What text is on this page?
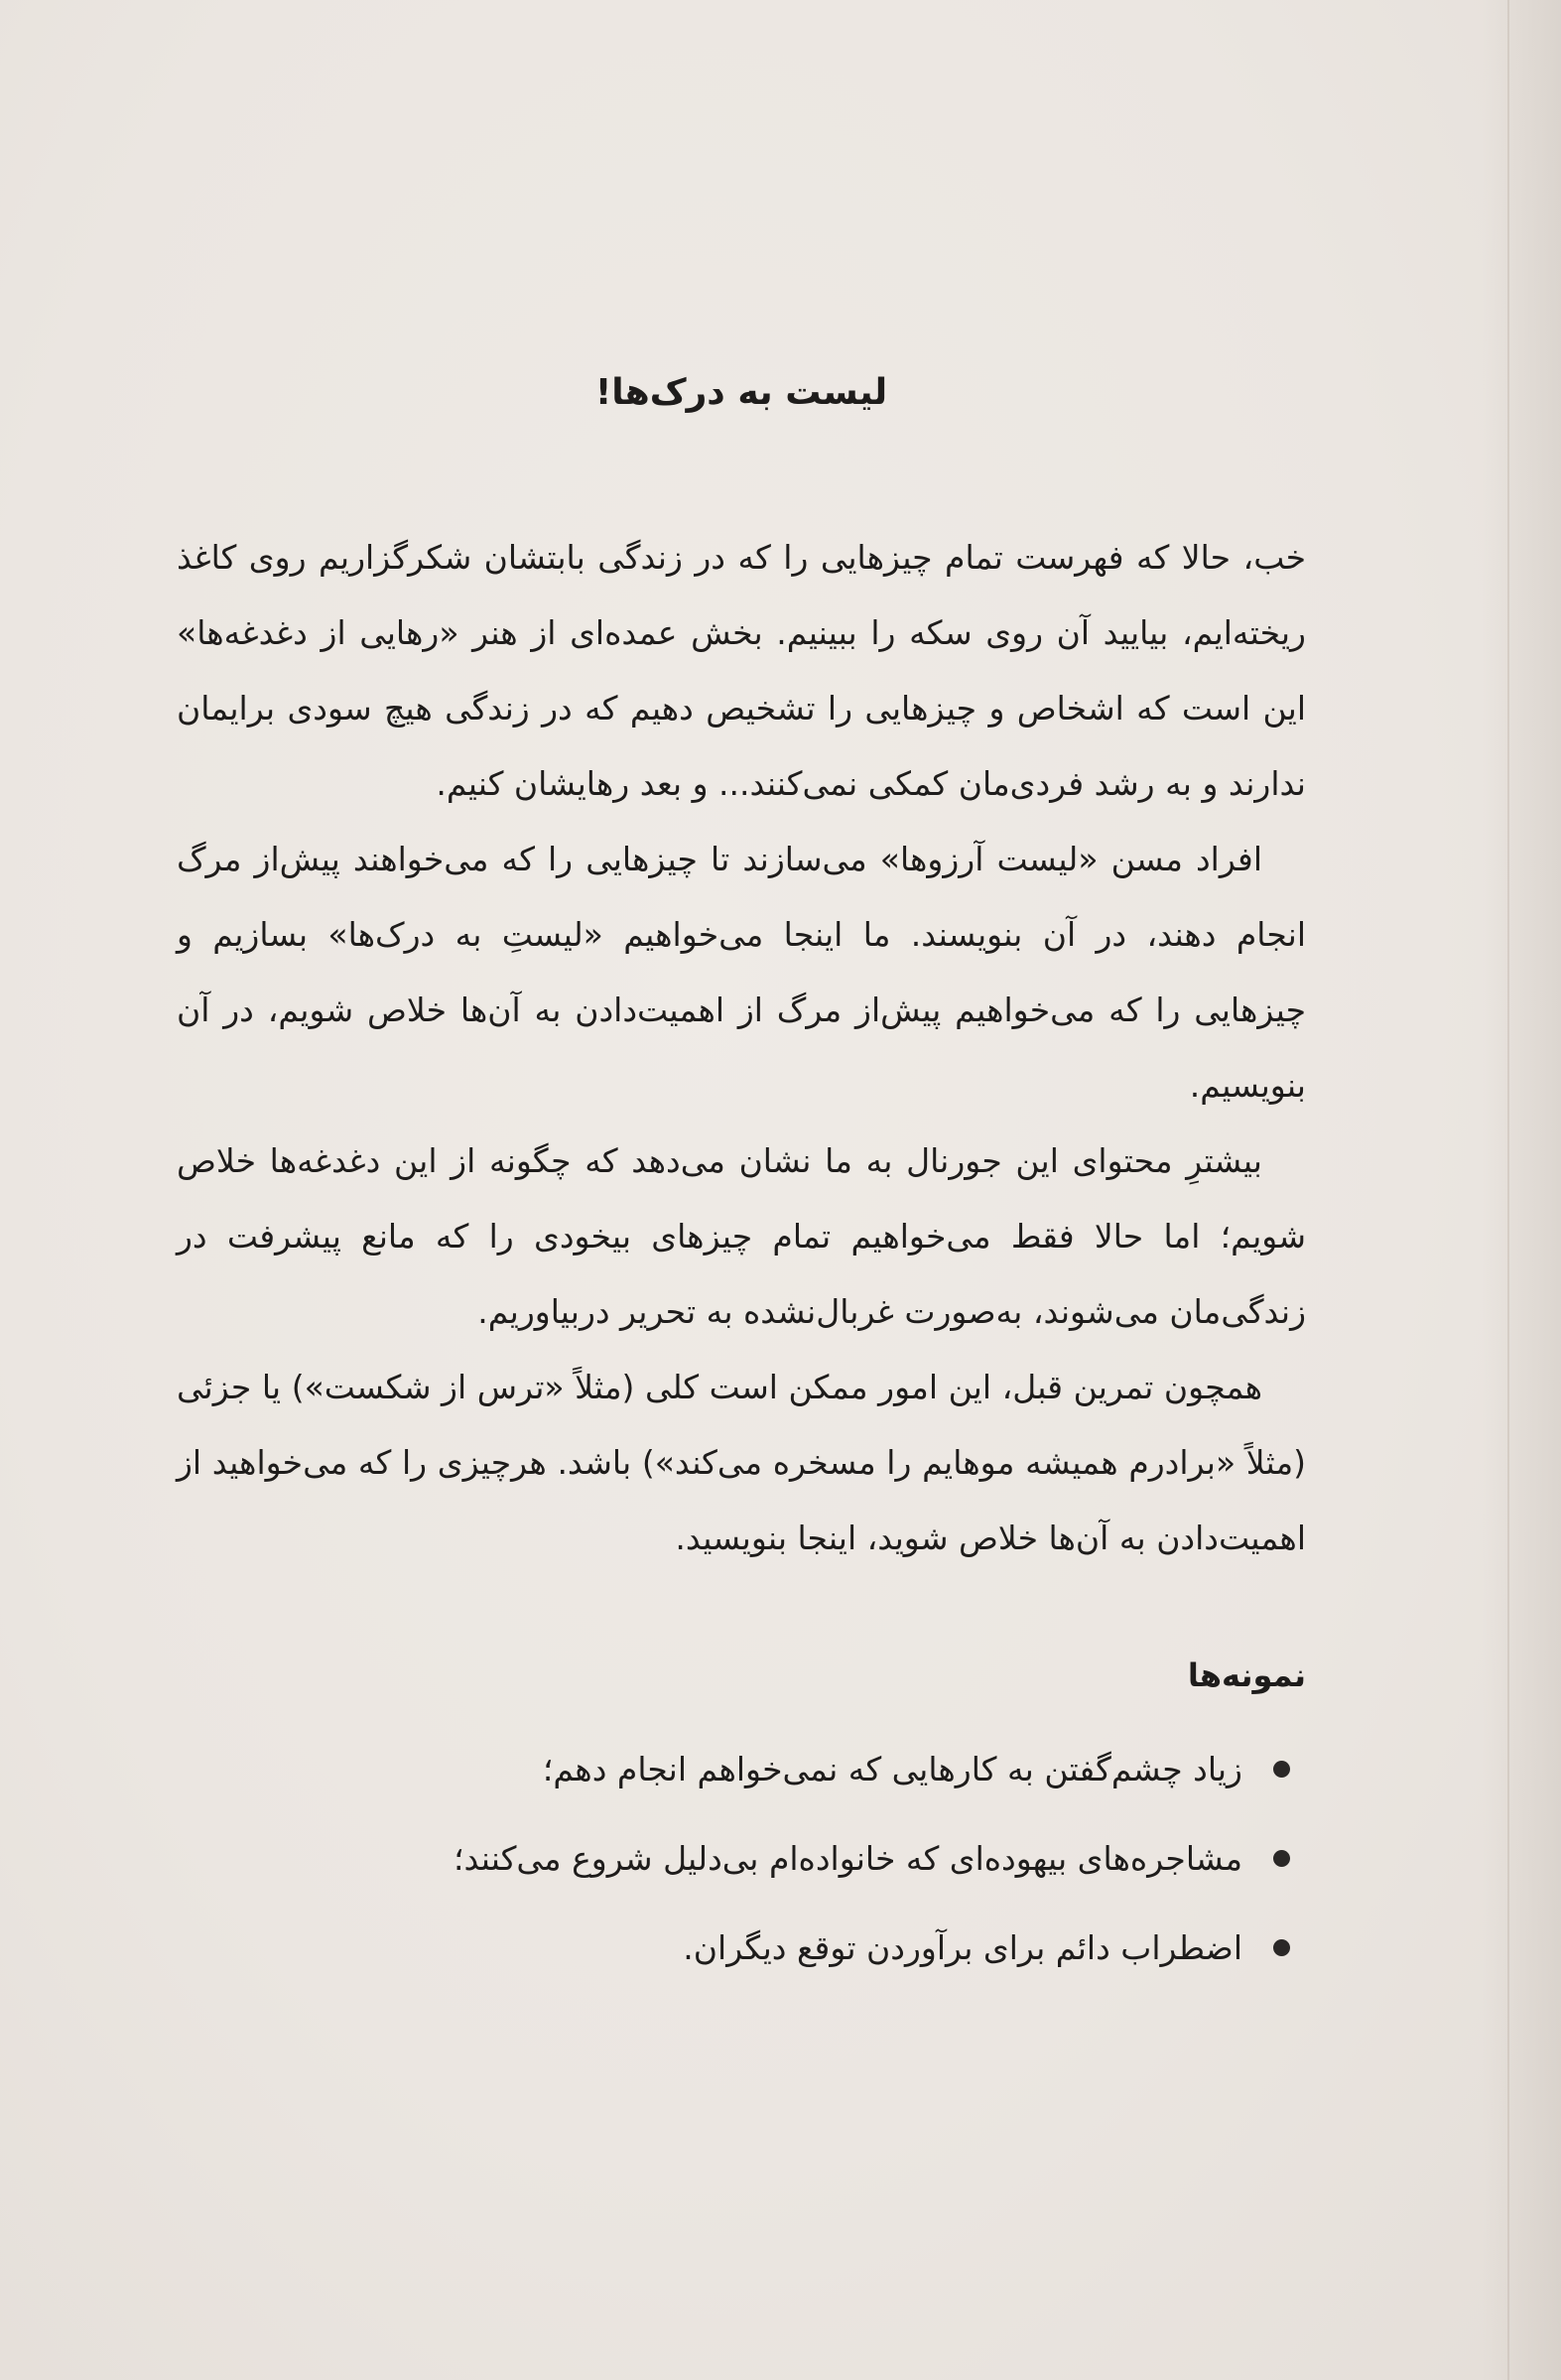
لیست به درک‌ها!

خب، حالا که فهرست تمام چیزهایی را که در زندگی بابتشان شکرگزاریم روی کاغذ ریخته‌ایم، بیایید آن روی سکه را ببینیم. بخش عمده‌ای از هنر «رهایی از دغدغه‌ها» این است که اشخاص و چیزهایی را تشخیص دهیم که در زندگی هیچ سودی برایمان ندارند و به رشد فردی‌مان کمکی نمی‌کنند... و بعد رهایشان کنیم.

افراد مسن «لیست آرزوها» می‌سازند تا چیزهایی را که می‌خواهند پیش‌از مرگ انجام دهند، در آن بنویسند. ما اینجا می‌خواهیم «لیستِ به درک‌ها» بسازیم و چیزهایی را که می‌خواهیم پیش‌از مرگ از اهمیت‌دادن به آن‌ها خلاص شویم، در آن بنویسیم.

بیشترِ محتوای این جورنال به ما نشان می‌دهد که چگونه از این دغدغه‌ها خلاص شویم؛ اما حالا فقط می‌خواهیم تمام چیزهای بیخودی را که مانع پیشرفت در زندگی‌مان می‌شوند، به‌صورت غربال‌نشده به تحریر دربیاوریم.

همچون تمرین قبل، این امور ممکن است کلی (مثلاً «ترس از شکست») یا جزئی (مثلاً «برادرم همیشه موهایم را مسخره می‌کند») باشد. هرچیزی را که می‌خواهید از اهمیت‌دادن به آن‌ها خلاص شوید، اینجا بنویسید.

نمونه‌ها
زیاد چشم‌گفتن به کارهایی که نمی‌خواهم انجام دهم؛
مشاجره‌های بیهوده‌ای که خانواده‌ام بی‌دلیل شروع می‌کنند؛
اضطراب دائم برای برآوردن توقع دیگران.
